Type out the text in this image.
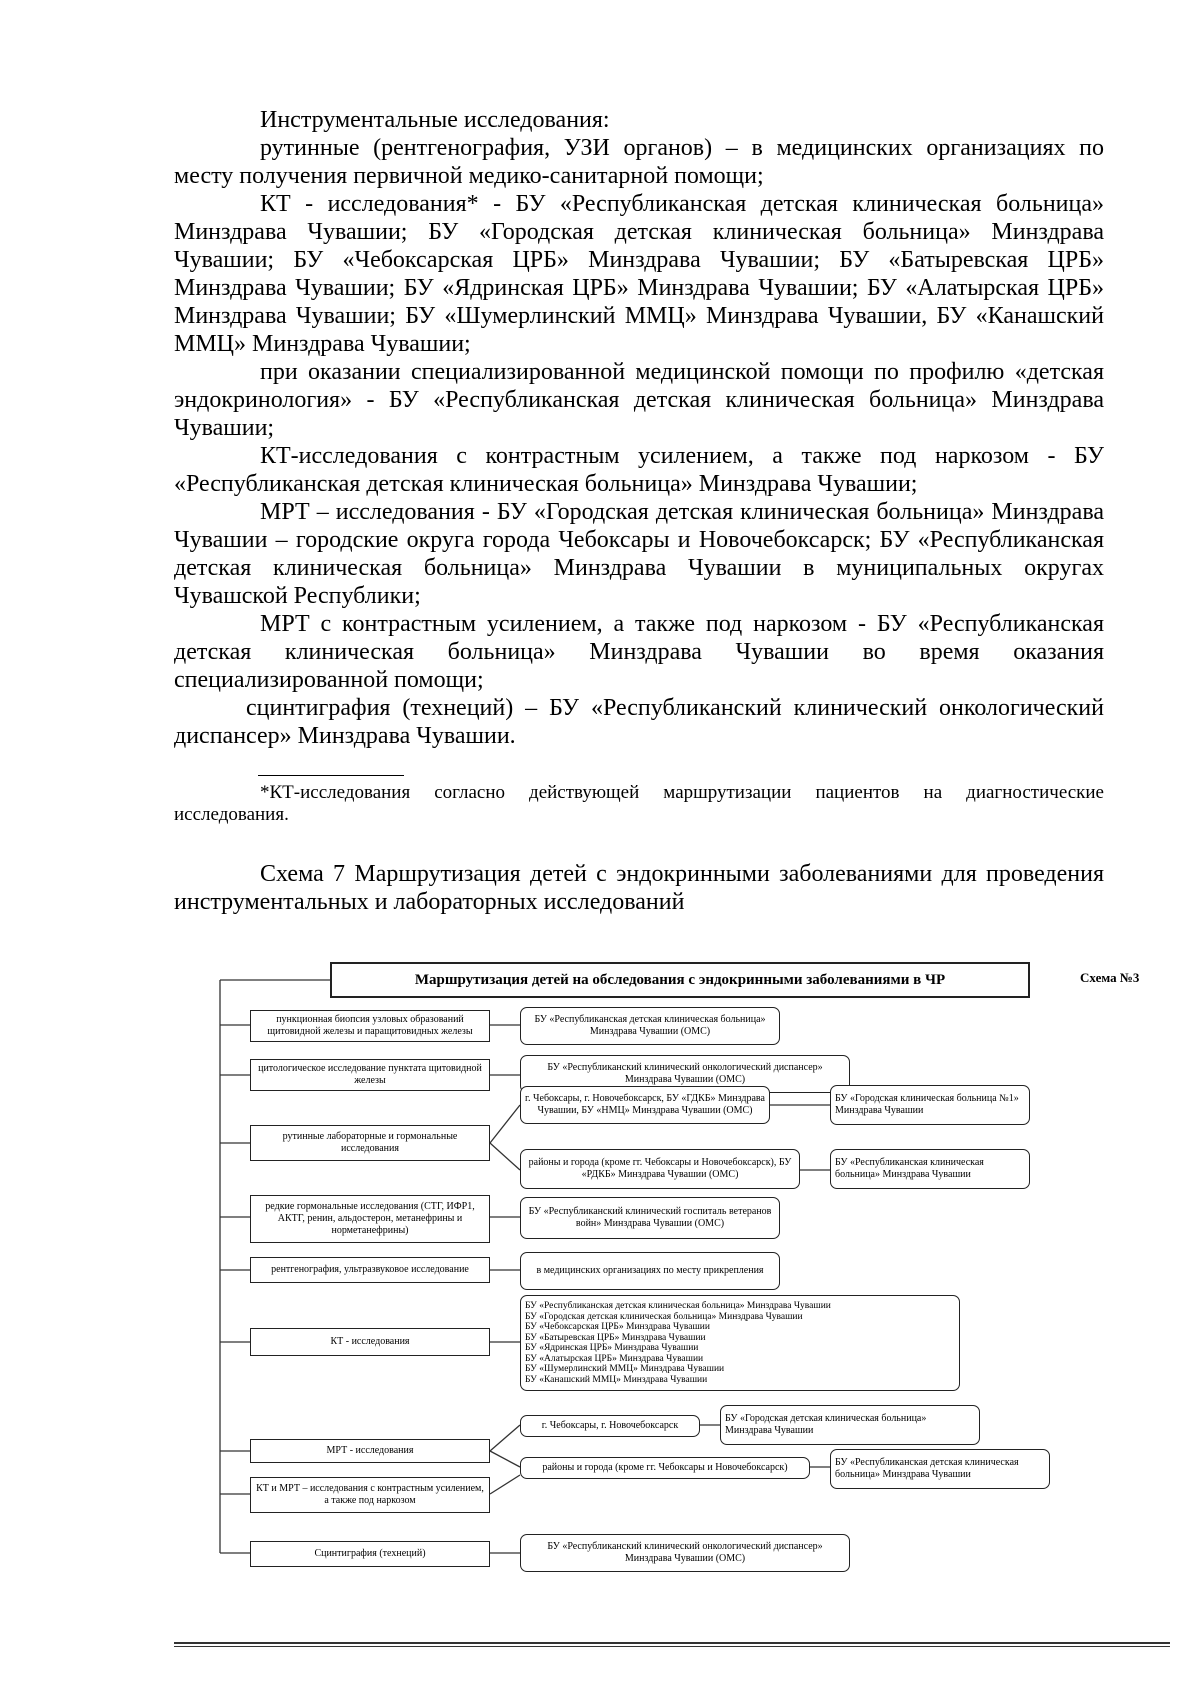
Инструментальные исследования:

рутинные (рентгенография, УЗИ органов) – в медицинских организациях по месту получения первичной медико-санитарной помощи;

КТ - исследования* - БУ «Республиканская детская клиническая больница» Минздрава Чувашии; БУ «Городская детская клиническая больница» Минздрава Чувашии; БУ «Чебоксарская ЦРБ» Минздрава Чувашии; БУ «Батыревская ЦРБ» Минздрава Чувашии; БУ «Ядринская ЦРБ» Минздрава Чувашии; БУ «Алатырская ЦРБ» Минздрава Чувашии; БУ «Шумерлинский ММЦ» Минздрава Чувашии, БУ «Канашский ММЦ» Минздрава Чувашии;

при оказании специализированной медицинской помощи по профилю «детская эндокринология» - БУ «Республиканская детская клиническая больница» Минздрава Чувашии;

КТ-исследования с контрастным усилением, а также под наркозом - БУ «Республиканская детская клиническая больница» Минздрава Чувашии;

МРТ – исследования - БУ «Городская детская клиническая больница» Минздрава Чувашии – городские округа города Чебоксары и Новочебоксарск; БУ «Республиканская детская клиническая больница» Минздрава Чувашии в муниципальных округах Чувашской Республики;

МРТ с контрастным усилением, а также под наркозом - БУ «Республиканская детская клиническая больница» Минздрава Чувашии во время оказания специализированной помощи;

сцинтиграфия (технеций) – БУ «Республиканский клинический онкологический диспансер» Минздрава Чувашии.

*КТ-исследования согласно действующей маршрутизации пациентов на диагностические исследования.
Схема 7 Маршрутизация детей с эндокринными заболеваниями для проведения инструментальных и лабораторных исследований
Маршрутизация детей на обследования с эндокринными заболеваниями в ЧР	Схема №3
пункционная биопсия узловых образований щитовидной железы и паращитовидных железы
БУ «Республиканская детская клиническая больница» Минздрава Чувашии (ОМС)
цитологическое исследование пунктата щитовидной железы
БУ «Республиканский клинический онкологический диспансер» Минздрава Чувашии (ОМС)
рутинные лабораторные и гормональные исследования
г. Чебоксары, г. Новочебоксарск, БУ «ГДКБ» Минздрава Чувашии, БУ «НМЦ» Минздрава Чувашии (ОМС)
БУ «Городская клиническая больница №1» Минздрава Чувашии
районы и города (кроме гг. Чебоксары и Новочебоксарск), БУ «РДКБ» Минздрава Чувашии (ОМС)
БУ «Республиканская клиническая больница» Минздрава Чувашии
редкие гормональные исследования (СТГ, ИФР1, АКТГ, ренин, альдостерон, метанефрины и норметанефрины)
БУ «Республиканский клинический госпиталь ветеранов войн» Минздрава Чувашии (ОМС)
рентгенография, ультразвуковое исследование	в медицинских организациях по месту прикрепления
КТ - исследования
БУ «Республиканская детская клиническая больница» Минздрава Чувашии
БУ «Городская детская клиническая больница» Минздрава Чувашии
БУ «Чебоксарская ЦРБ» Минздрава Чувашии
БУ «Батыревская ЦРБ» Минздрава Чувашии
БУ «Ядринская ЦРБ» Минздрава Чувашии
БУ «Алатырская ЦРБ» Минздрава Чувашии
БУ «Шумерлинский ММЦ» Минздрава Чувашии
БУ «Канашский ММЦ» Минздрава Чувашии
МРТ - исследования
г. Чебоксары, г. Новочебоксарск
БУ «Городская детская клиническая больница» Минздрава Чувашии
районы и города (кроме гг. Чебоксары и Новочебоксарск)	БУ «Республиканская детская клиническая больница» Минздрава Чувашии
КТ и МРТ – исследования с контрастным усилением, а также под наркозом
Сцинтиграфия (технеций)
БУ «Республиканский клинический онкологический диспансер» Минздрава Чувашии (ОМС)
